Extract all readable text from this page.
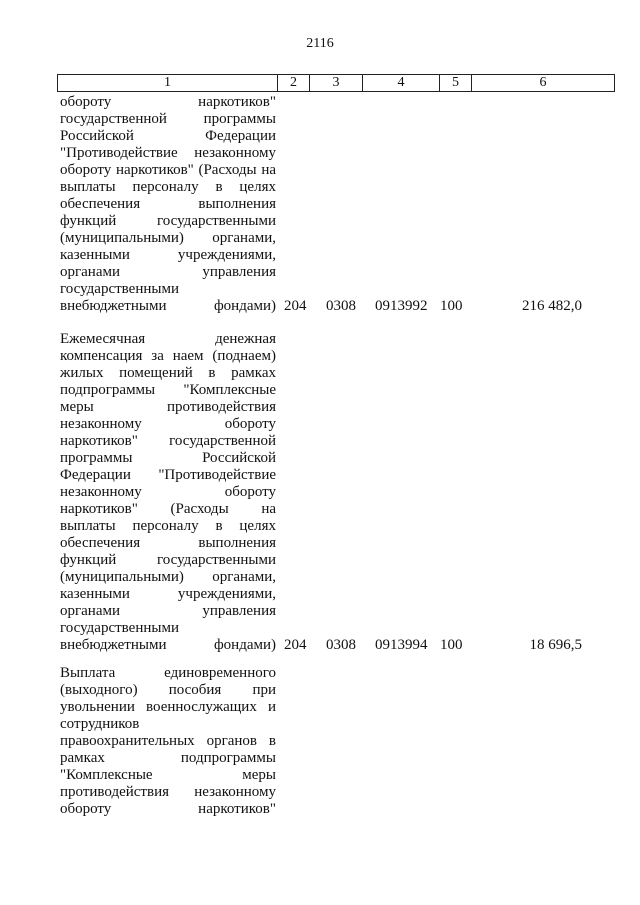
2116
1	2	3	4	5	6
обороту	наркотиков"
государственной программы
Российской	Федерации
"Противодействие незаконному
обороту наркотиков" (Расходы на
выплаты персоналу в целях
обеспечения	выполнения
функций	государственными
(муниципальными) органами,
казенными	учреждениями,
органами	управления
государственными
внебюджетными фондами) 204 0308 0913992 100	216 482,0
Ежемесячная	денежная
компенсация за наем (поднаем)
жилых помещений в рамках
подпрограммы "Комплексные
меры	противодействия
незаконному	обороту
наркотиков" государственной
программы	Российской
Федерации "Противодействие
незаконному	обороту
наркотиков" (Расходы на
выплаты персоналу в целях
обеспечения	выполнения
функций	государственными
(муниципальными) органами,
казенными	учреждениями,
органами	управления
государственными
внебюджетными фондами) 204 0308 0913994 100	18 696,5
Выплата	единовременного
(выходного) пособия при
увольнении военнослужащих и
сотрудников
правоохранительных органов в
рамках	подпрограммы
"Комплексные	меры
противодействия незаконному
обороту	наркотиков"
